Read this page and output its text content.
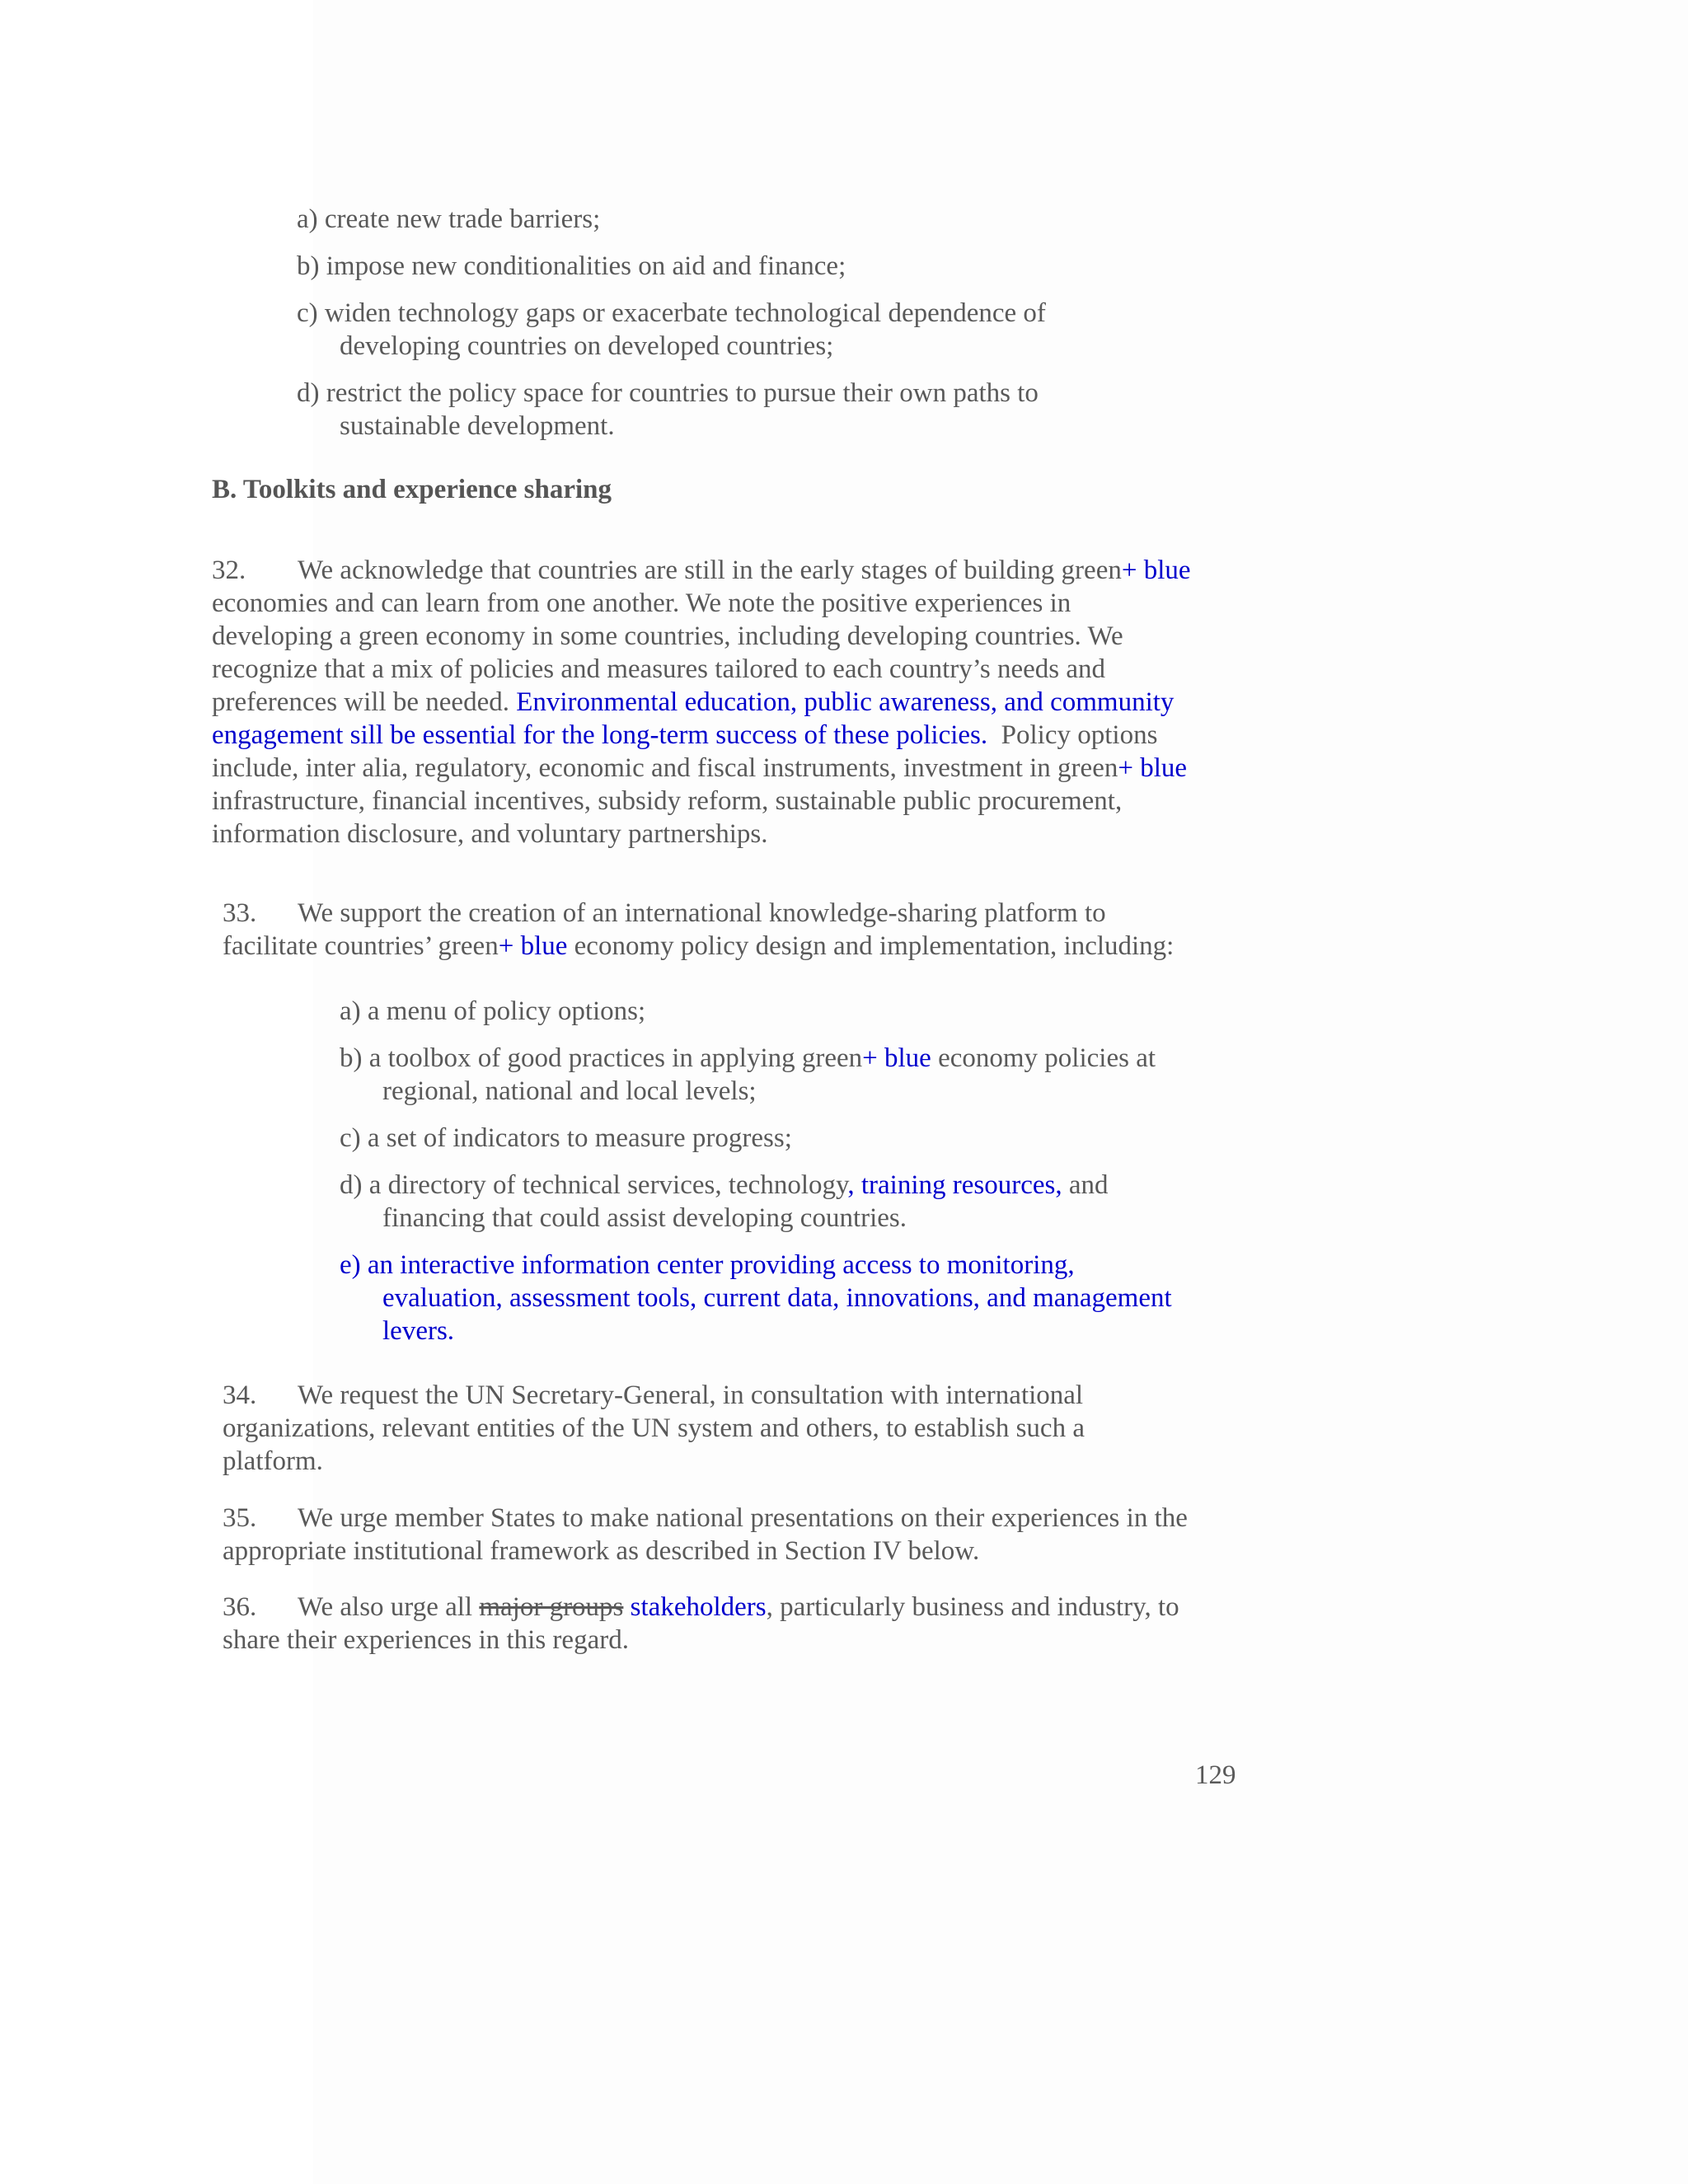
a) create new trade barriers;
b) impose new conditionalities on aid and finance;
c) widen technology gaps or exacerbate technological dependence of
developing countries on developed countries;
d) restrict the policy space for countries to pursue their own paths to
sustainable development.
B. Toolkits and experience sharing
32. We acknowledge that countries are still in the early stages of building green+ blue
economies and can learn from one another. We note the positive experiences in
developing a green economy in some countries, including developing countries. We
recognize that a mix of policies and measures tailored to each country’s needs and
preferences will be needed. Environmental education, public awareness, and community
engagement sill be essential for the long-term success of these policies.  Policy options
include, inter alia, regulatory, economic and fiscal instruments, investment in green+ blue
infrastructure, financial incentives, subsidy reform, sustainable public procurement,
information disclosure, and voluntary partnerships.
33. We support the creation of an international knowledge-sharing platform to
facilitate countries’ green+ blue economy policy design and implementation, including:
a) a menu of policy options;
b) a toolbox of good practices in applying green+ blue economy policies at
regional, national and local levels;
c) a set of indicators to measure progress;
d) a directory of technical services, technology, training resources, and
financing that could assist developing countries.
e) an interactive information center providing access to monitoring,
evaluation, assessment tools, current data, innovations, and management
levers.
34. We request the UN Secretary-General, in consultation with international
organizations, relevant entities of the UN system and others, to establish such a
platform.
35. We urge member States to make national presentations on their experiences in the
appropriate institutional framework as described in Section IV below.
36. We also urge all major groups stakeholders, particularly business and industry, to
share their experiences in this regard.
129
